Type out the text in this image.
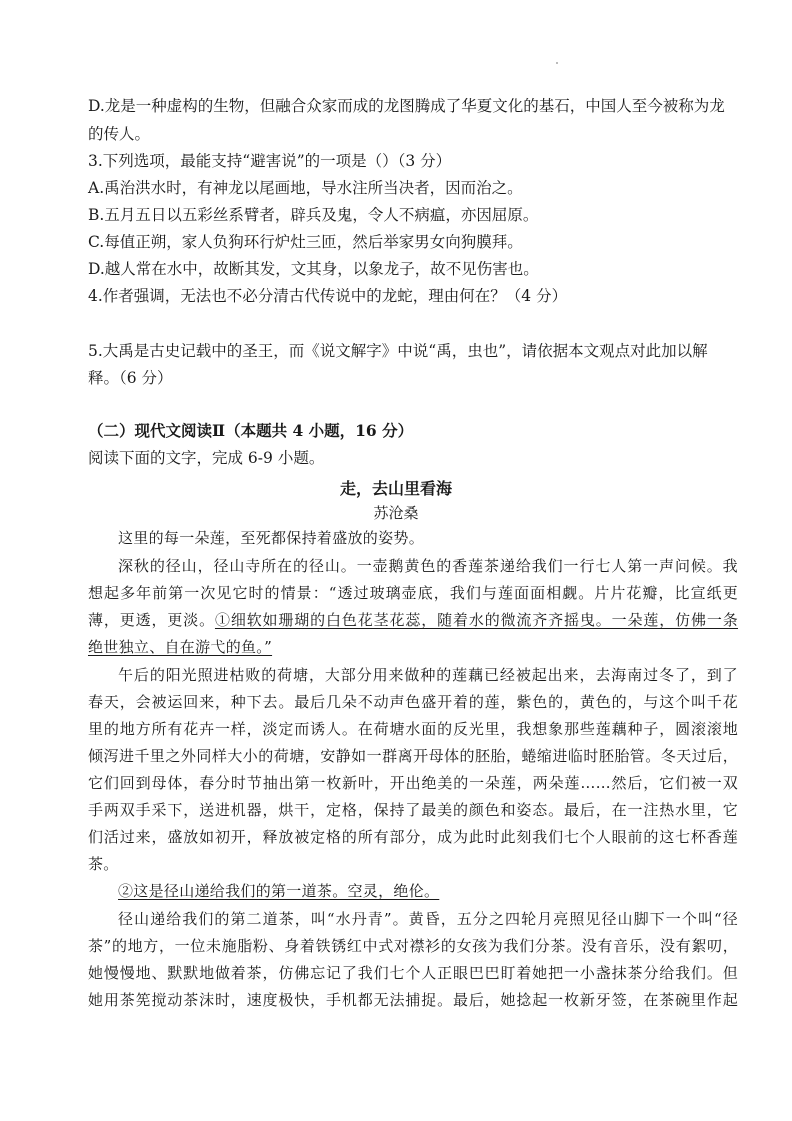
D.龙是一种虚构的生物，但融合众家而成的龙图腾成了华夏文化的基石，中国人至今被称为龙
的传人。
3.下列选项，最能支持“避害说”的一项是（）（3 分）
A.禹治洪水时，有神龙以尾画地，导水注所当决者，因而治之。
B.五月五日以五彩丝系臂者，辟兵及鬼，令人不病瘟，亦因屈原。
C.每值正朔，家人负狗环行炉灶三匝，然后举家男女向狗膜拜。
D.越人常在水中，故断其发，文其身，以象龙子，故不见伤害也。
4.作者强调，无法也不必分清古代传说中的龙蛇，理由何在？（4 分）
5.大禹是古史记载中的圣王，而《说文解字》中说“禹，虫也”，请依据本文观点对此加以解
释。（6 分）
（二）现代文阅读Ⅱ（本题共 4 小题，16 分）
阅读下面的文字，完成 6-9 小题。
走，去山里看海
苏沧桑
这里的每一朵莲，至死都保持着盛放的姿势。
深秋的径山，径山寺所在的径山。一壶鹅黄色的香莲茶递给我们一行七人第一声问候。我
想起多年前第一次见它时的情景：“透过玻璃壶底，我们与莲面面相觑。片片花瓣，比宣纸更
薄，更透，更淡。①细软如珊瑚的白色花茎花蕊，随着水的微流齐齐摇曳。一朵莲，仿佛一条
绝世独立、自在游弋的鱼。”
午后的阳光照进枯败的荷塘，大部分用来做种的莲藕已经被起出来，去海南过冬了，到了
春天，会被运回来，种下去。最后几朵不动声色盛开着的莲，紫色的，黄色的，与这个叫千花
里的地方所有花卉一样，淡定而诱人。在荷塘水面的反光里，我想象那些莲藕种子，圆滚滚地
倾泻进千里之外同样大小的荷塘，安静如一群离开母体的胚胎，蜷缩进临时胚胎管。冬天过后，
它们回到母体，春分时节抽出第一枚新叶，开出绝美的一朵莲，两朵莲……然后，它们被一双
手两双手采下，送进机器，烘干，定格，保持了最美的颜色和姿态。最后，在一注热水里，它
们活过来，盛放如初开，释放被定格的所有部分，成为此时此刻我们七个人眼前的这七杯香莲
茶。
②这是径山递给我们的第一道茶。空灵，绝伦。
径山递给我们的第二道茶，叫“水丹青”。黄昏，五分之四轮月亮照见径山脚下一个叫“径
茶”的地方，一位未施脂粉、身着铁锈红中式对襟衫的女孩为我们分茶。没有音乐，没有絮叨，
她慢慢地、默默地做着茶，仿佛忘记了我们七个人正眼巴巴盯着她把一小盏抹茶分给我们。但
她用茶筅搅动茶沫时，速度极快，手机都无法捕捉。最后，她捻起一枚新牙签，在茶碗里作起
